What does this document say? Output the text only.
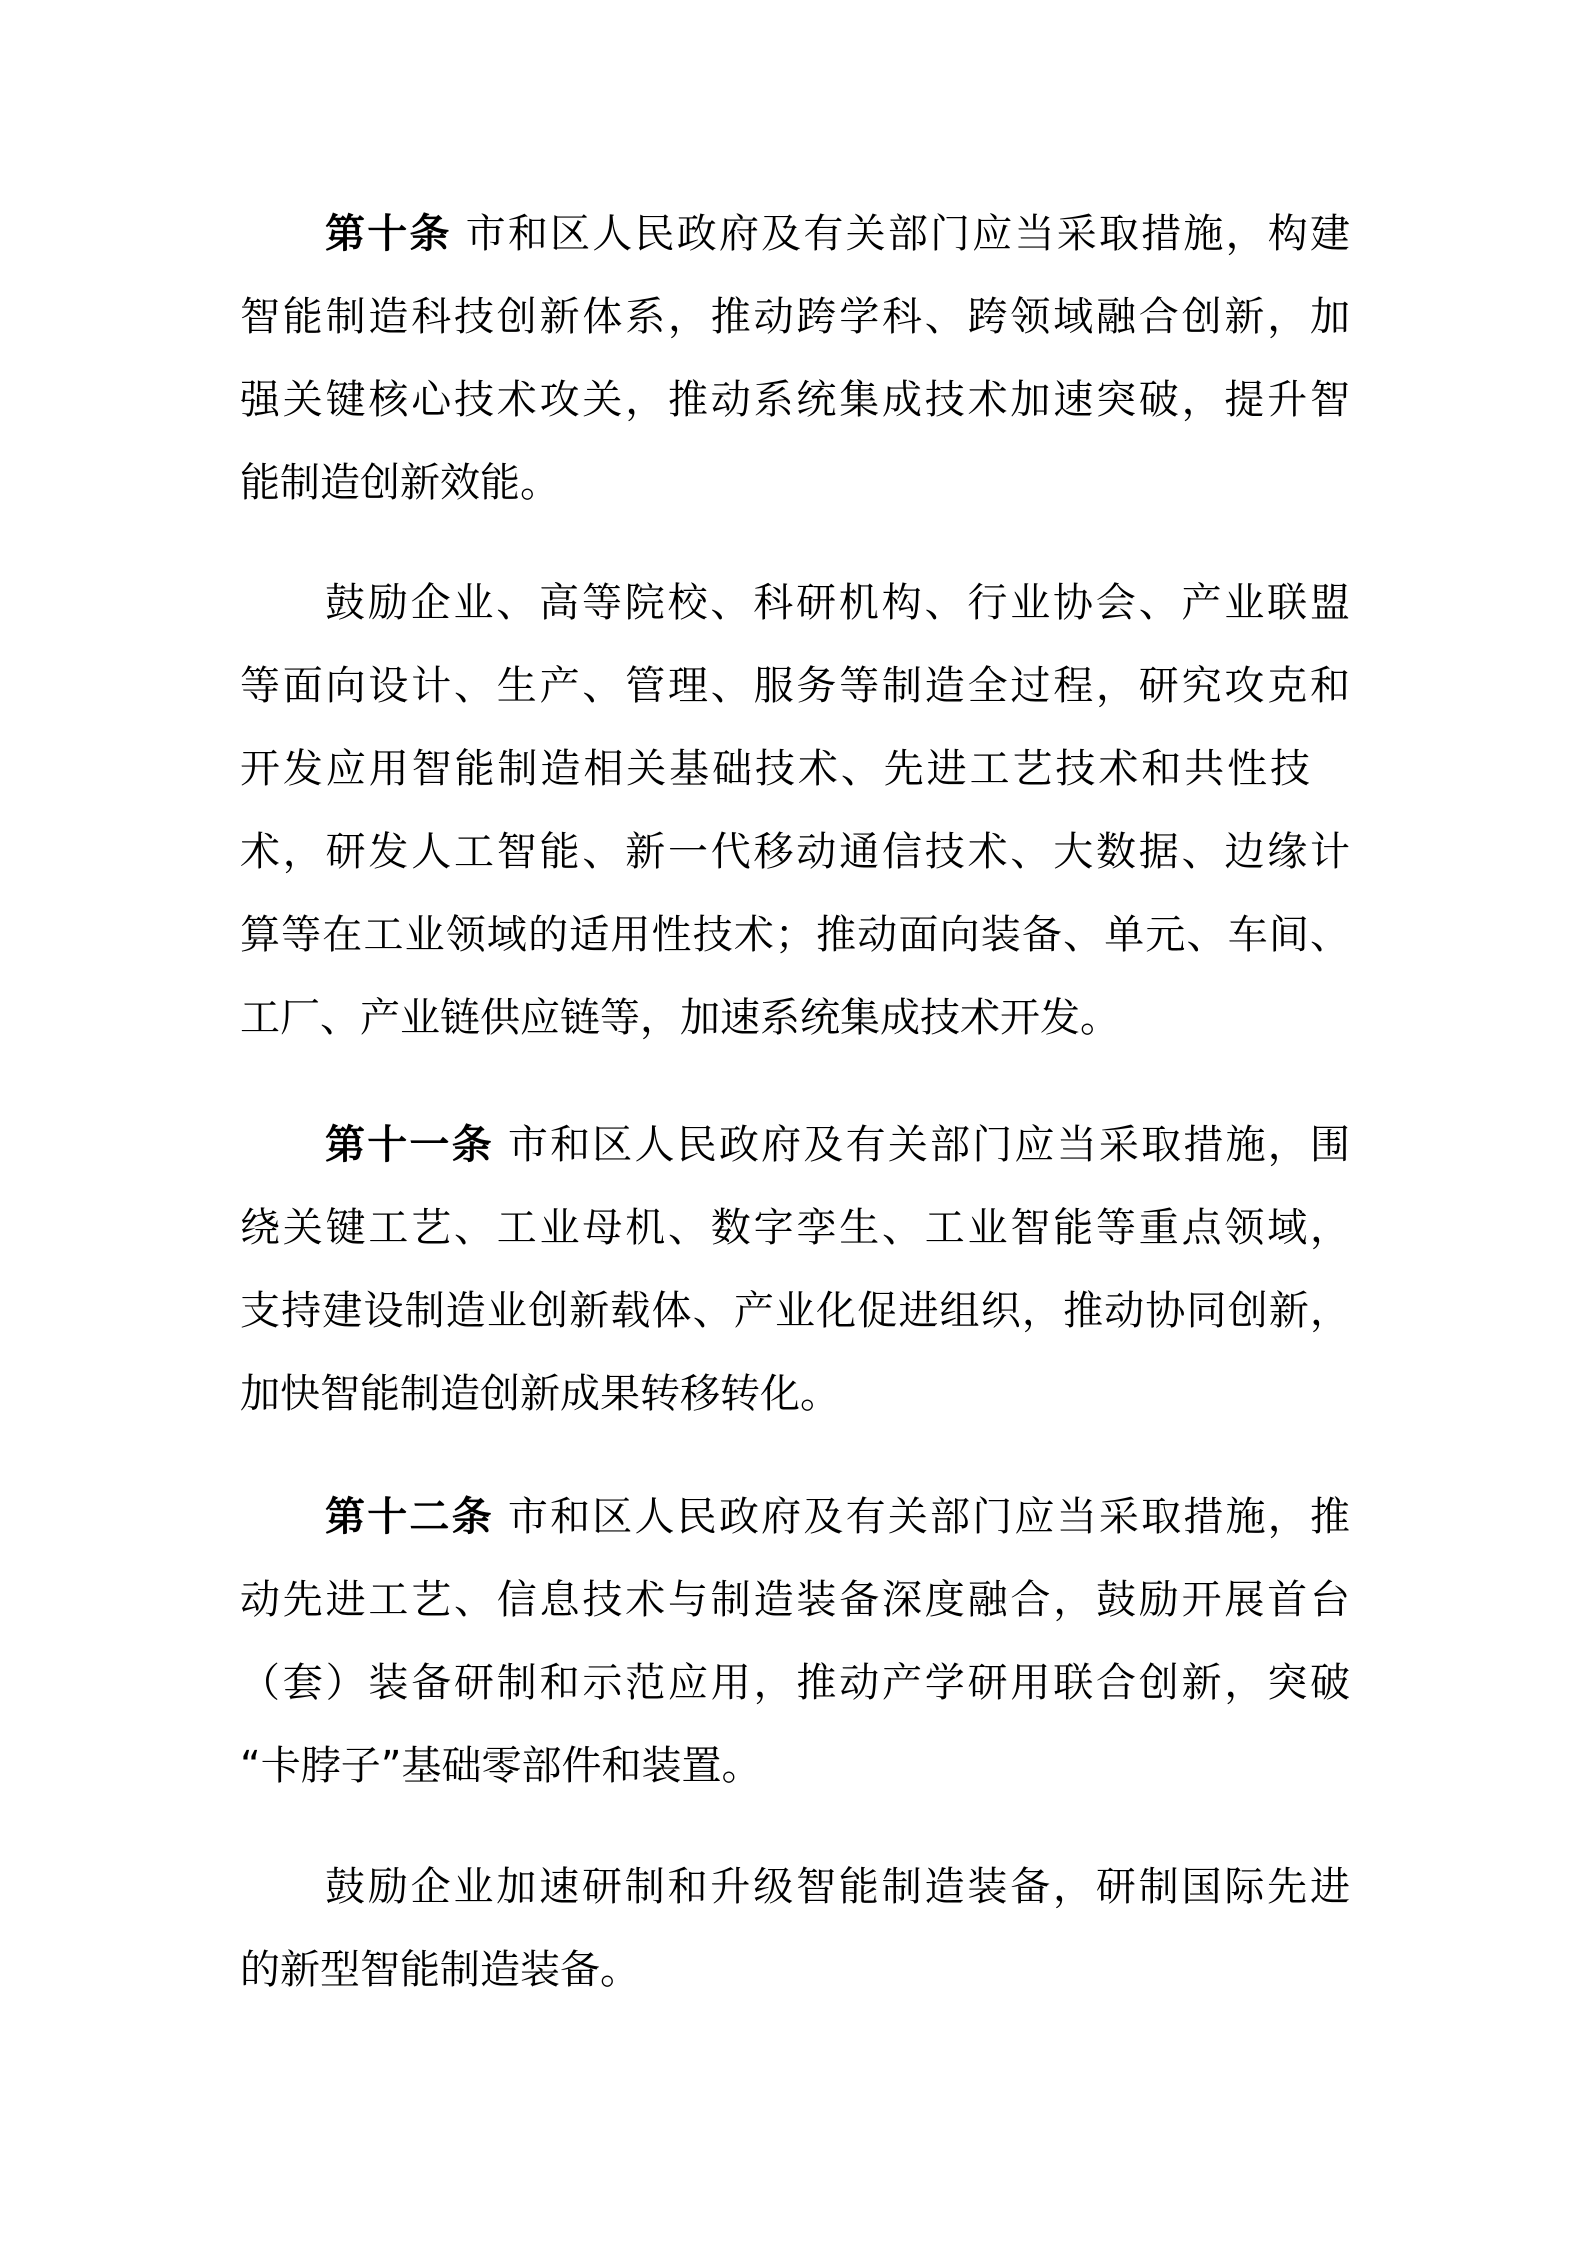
第十条 市和区人民政府及有关部门应当采取措施，构建
智能制造科技创新体系，推动跨学科、跨领域融合创新，加
强关键核心技术攻关，推动系统集成技术加速突破，提升智
能制造创新效能。
鼓励企业、高等院校、科研机构、行业协会、产业联盟
等面向设计、生产、管理、服务等制造全过程，研究攻克和
开发应用智能制造相关基础技术、先进工艺技术和共性技
术，研发人工智能、新一代移动通信技术、大数据、边缘计
算等在工业领域的适用性技术；推动面向装备、单元、车间、
工厂、产业链供应链等，加速系统集成技术开发。
第十一条 市和区人民政府及有关部门应当采取措施，围
绕关键工艺、工业母机、数字孪生、工业智能等重点领域，
支持建设制造业创新载体、产业化促进组织，推动协同创新，
加快智能制造创新成果转移转化。
第十二条 市和区人民政府及有关部门应当采取措施，推
动先进工艺、信息技术与制造装备深度融合，鼓励开展首台
（套）装备研制和示范应用，推动产学研用联合创新，突破
“卡脖子”基础零部件和装置。
鼓励企业加速研制和升级智能制造装备，研制国际先进
的新型智能制造装备。
